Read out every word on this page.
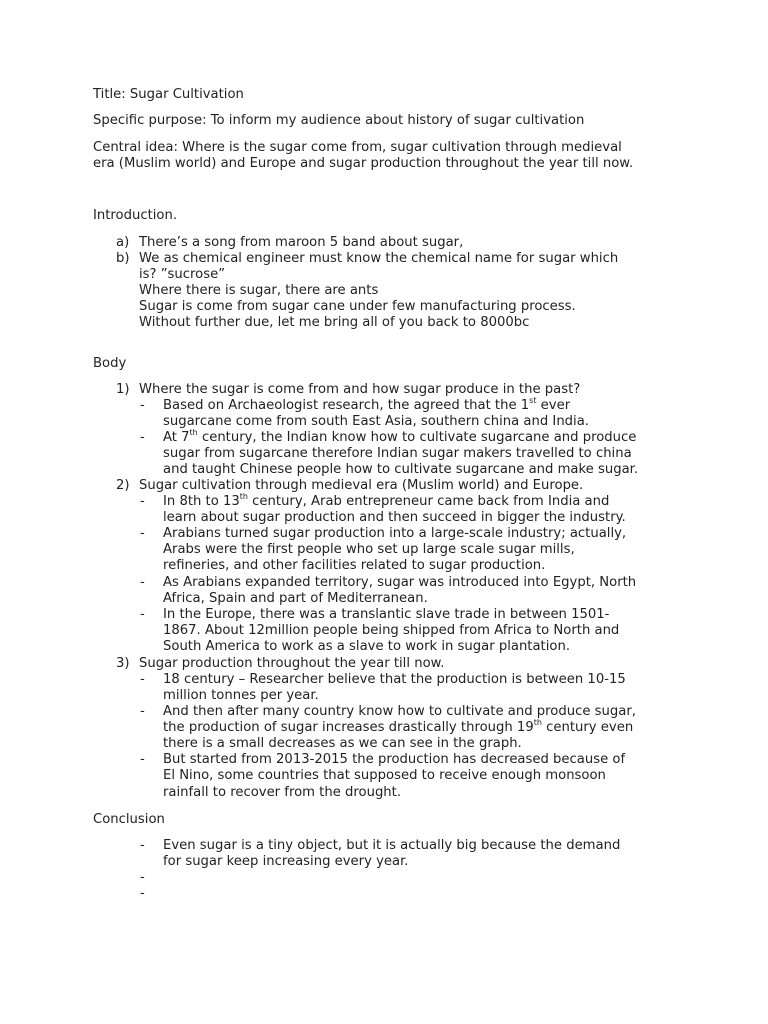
Title: Sugar Cultivation
Specific purpose: To inform my audience about history of sugar cultivation
Central idea: Where is the sugar come from, sugar cultivation through medieval
era (Muslim world) and Europe and sugar production throughout the year till now.
Introduction.
a) There’s a song from maroon 5 band about sugar,
b) We as chemical engineer must know the chemical name for sugar which
is? ”sucrose”
Where there is sugar, there are ants
Sugar is come from sugar cane under few manufacturing process.
Without further due, let me bring all of you back to 8000bc
Body
1) Where the sugar is come from and how sugar produce in the past?
- Based on Archaeologist research, the agreed that the 1st ever
sugarcane come from south East Asia, southern china and India.
- At 7th century, the Indian know how to cultivate sugarcane and produce
sugar from sugarcane therefore Indian sugar makers travelled to china
and taught Chinese people how to cultivate sugarcane and make sugar.
2) Sugar cultivation through medieval era (Muslim world) and Europe.
- In 8th to 13th century, Arab entrepreneur came back from India and
learn about sugar production and then succeed in bigger the industry.
- Arabians turned sugar production into a large-scale industry; actually,
Arabs were the first people who set up large scale sugar mills,
refineries, and other facilities related to sugar production.
- As Arabians expanded territory, sugar was introduced into Egypt, North
Africa, Spain and part of Mediterranean.
- In the Europe, there was a translantic slave trade in between 1501-
1867. About 12million people being shipped from Africa to North and
South America to work as a slave to work in sugar plantation.
3) Sugar production throughout the year till now.
- 18 century – Researcher believe that the production is between 10-15
million tonnes per year.
- And then after many country know how to cultivate and produce sugar,
the production of sugar increases drastically through 19th century even
there is a small decreases as we can see in the graph.
- But started from 2013-2015 the production has decreased because of
El Nino, some countries that supposed to receive enough monsoon
rainfall to recover from the drought.
Conclusion
- Even sugar is a tiny object, but it is actually big because the demand
for sugar keep increasing every year.
-
-
